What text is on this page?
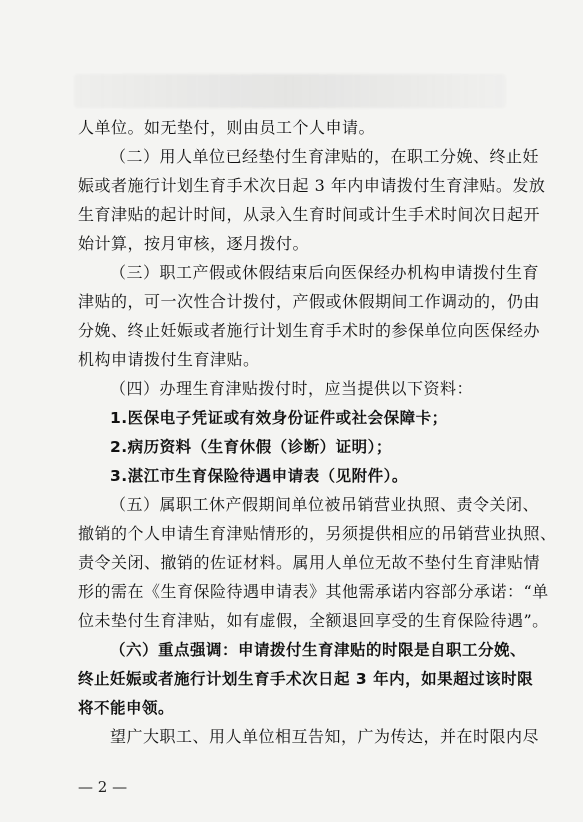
人单位。如无垫付，则由员工个人申请。
（二）用人单位已经垫付生育津贴的，在职工分娩、终止妊
娠或者施行计划生育手术次日起 3 年内申请拨付生育津贴。发放
生育津贴的起计时间，从录入生育时间或计生手术时间次日起开
始计算，按月审核，逐月拨付。
（三）职工产假或休假结束后向医保经办机构申请拨付生育
津贴的，可一次性合计拨付，产假或休假期间工作调动的，仍由
分娩、终止妊娠或者施行计划生育手术时的参保单位向医保经办
机构申请拨付生育津贴。
（四）办理生育津贴拨付时，应当提供以下资料：
1.医保电子凭证或有效身份证件或社会保障卡；
2.病历资料（生育休假（诊断）证明）；
3.湛江市生育保险待遇申请表（见附件）。
（五）属职工休产假期间单位被吊销营业执照、责令关闭、
撤销的个人申请生育津贴情形的，另须提供相应的吊销营业执照、
责令关闭、撤销的佐证材料。属用人单位无故不垫付生育津贴情
形的需在《生育保险待遇申请表》其他需承诺内容部分承诺：“单
位未垫付生育津贴，如有虚假，全额退回享受的生育保险待遇”。
（六）重点强调：申请拨付生育津贴的时限是自职工分娩、
终止妊娠或者施行计划生育手术次日起 3 年内，如果超过该时限
将不能申领。
望广大职工、用人单位相互告知，广为传达，并在时限内尽
— 2 —
